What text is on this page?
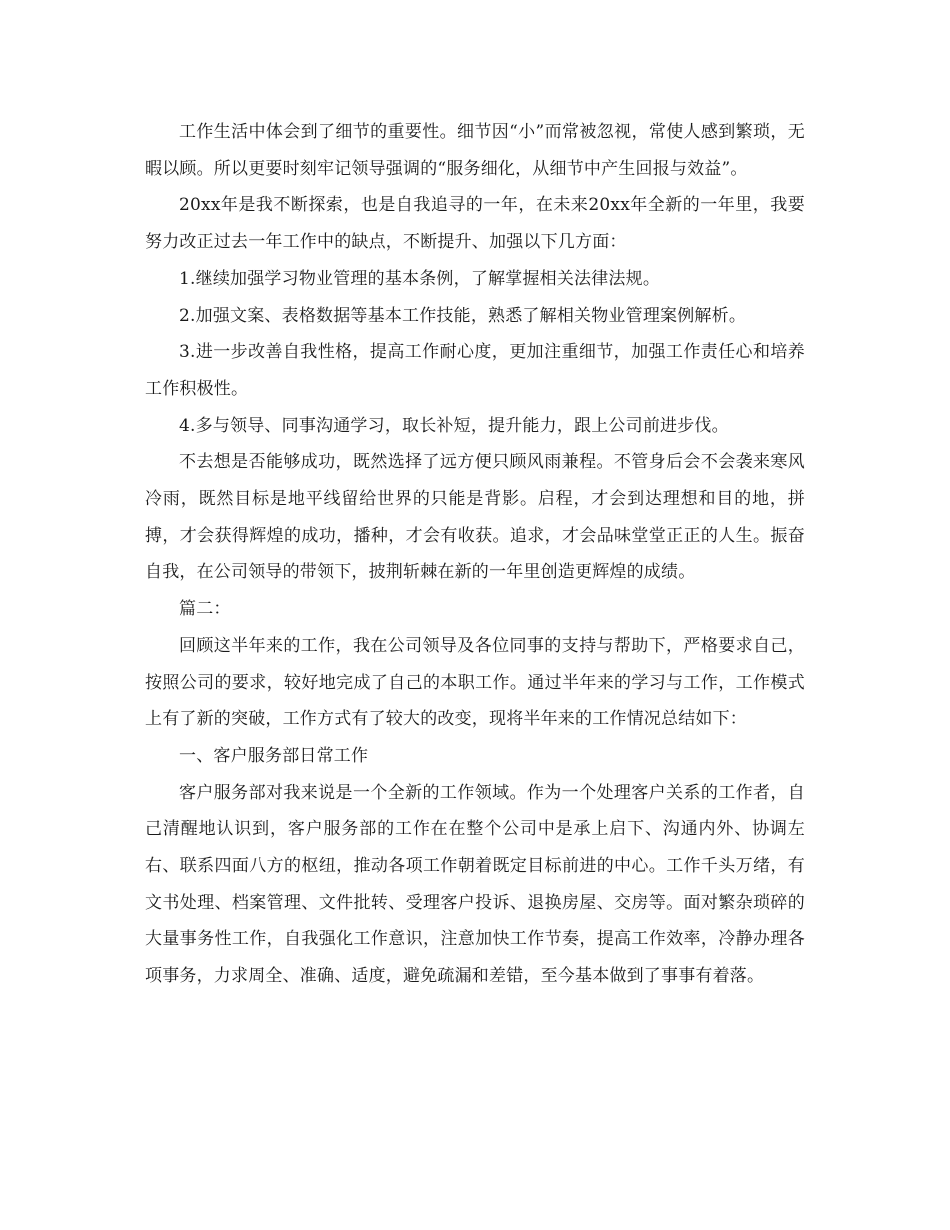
工作生活中体会到了细节的重要性。细节因“小”而常被忽视，常使人感到繁琐，无暇以顾。所以更要时刻牢记领导强调的“服务细化，从细节中产生回报与效益”。

20xx年是我不断探索，也是自我追寻的一年，在未来20xx年全新的一年里，我要努力改正过去一年工作中的缺点，不断提升、加强以下几方面：

1.继续加强学习物业管理的基本条例，了解掌握相关法律法规。

2.加强文案、表格数据等基本工作技能，熟悉了解相关物业管理案例解析。

3.进一步改善自我性格，提高工作耐心度，更加注重细节，加强工作责任心和培养工作积极性。

4.多与领导、同事沟通学习，取长补短，提升能力，跟上公司前进步伐。

不去想是否能够成功，既然选择了远方便只顾风雨兼程。不管身后会不会袭来寒风冷雨，既然目标是地平线留给世界的只能是背影。启程，才会到达理想和目的地，拼搏，才会获得辉煌的成功，播种，才会有收获。追求，才会品味堂堂正正的人生。振奋自我，在公司领导的带领下，披荆斩棘在新的一年里创造更辉煌的成绩。

篇二：

回顾这半年来的工作，我在公司领导及各位同事的支持与帮助下，严格要求自己，按照公司的要求，较好地完成了自己的本职工作。通过半年来的学习与工作，工作模式上有了新的突破，工作方式有了较大的改变，现将半年来的工作情况总结如下：

一、客户服务部日常工作

客户服务部对我来说是一个全新的工作领域。作为一个处理客户关系的工作者，自己清醒地认识到，客户服务部的工作在在整个公司中是承上启下、沟通内外、协调左右、联系四面八方的枢纽，推动各项工作朝着既定目标前进的中心。工作千头万绪，有文书处理、档案管理、文件批转、受理客户投诉、退换房屋、交房等。面对繁杂琐碎的大量事务性工作，自我强化工作意识，注意加快工作节奏，提高工作效率，冷静办理各项事务，力求周全、准确、适度，避免疏漏和差错，至今基本做到了事事有着落。
